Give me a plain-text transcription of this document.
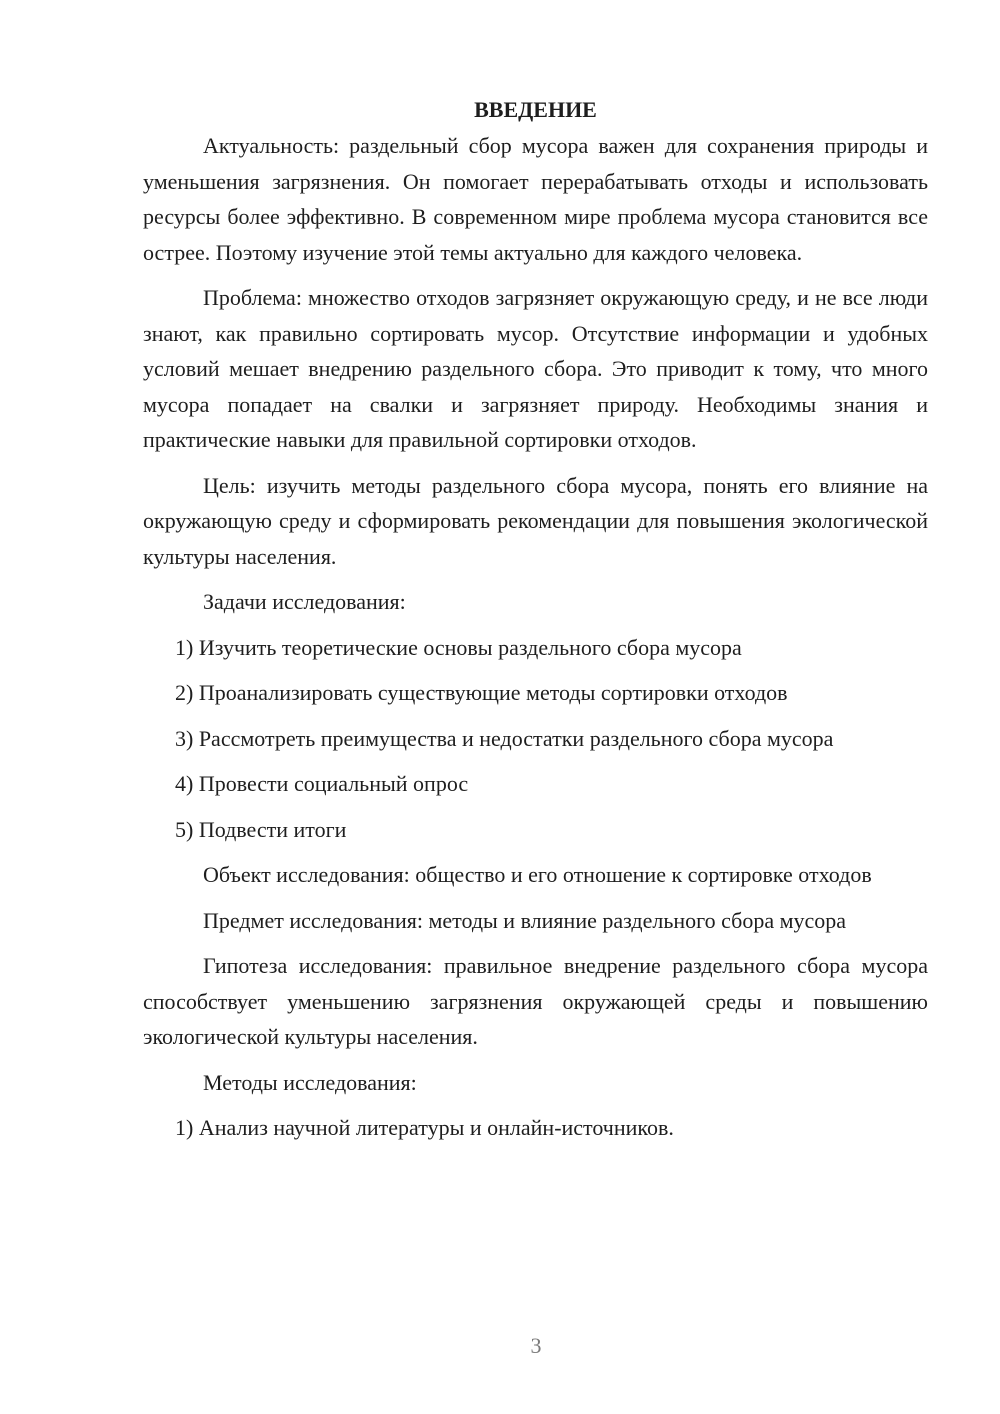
ВВЕДЕНИЕ

Актуальность: раздельный сбор мусора важен для сохранения природы и уменьшения загрязнения. Он помогает перерабатывать отходы и использовать ресурсы более эффективно. В современном мире проблема мусора становится все острее. Поэтому изучение этой темы актуально для каждого человека.

Проблема: множество отходов загрязняет окружающую среду, и не все люди знают, как правильно сортировать мусор. Отсутствие информации и удобных условий мешает внедрению раздельного сбора. Это приводит к тому, что много мусора попадает на свалки и загрязняет природу. Необходимы знания и практические навыки для правильной сортировки отходов.

Цель: изучить методы раздельного сбора мусора, понять его влияние на окружающую среду и сформировать рекомендации для повышения экологической культуры населения.

Задачи исследования:

1) Изучить теоретические основы раздельного сбора мусора
2) Проанализировать существующие методы сортировки отходов
3) Рассмотреть преимущества и недостатки раздельного сбора мусора
4) Провести социальный опрос
5) Подвести итоги

Объект исследования: общество и его отношение к сортировке отходов

Предмет исследования: методы и влияние раздельного сбора мусора

Гипотеза исследования: правильное внедрение раздельного сбора мусора способствует уменьшению загрязнения окружающей среды и повышению экологической культуры населения.

Методы исследования:

1) Анализ научной литературы и онлайн-источников.
3
